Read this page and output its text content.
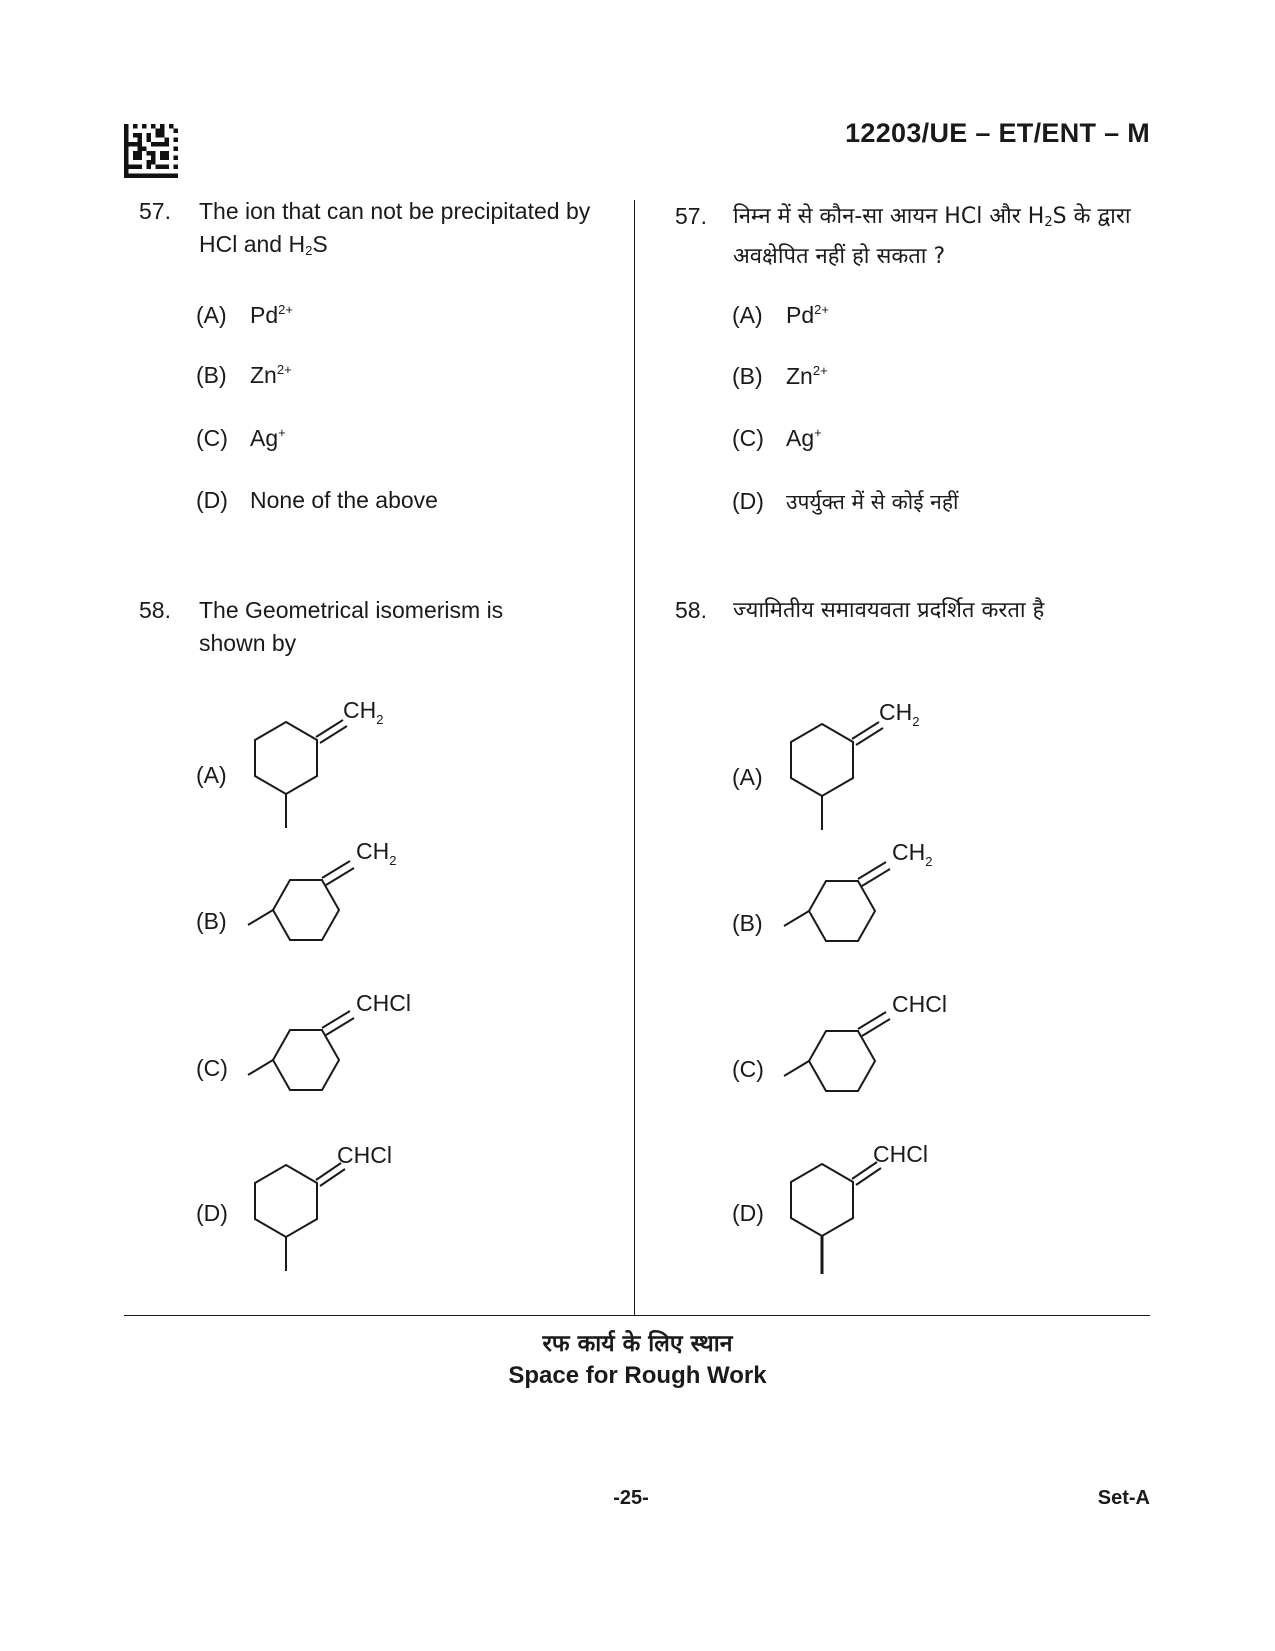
12203/UE – ET/ENT – M
57. The ion that can not be precipitated by HCl and $H_2S$
(A) $Pd^{2+}$
(B) $Zn^{2+}$
(C) Ag+
(D) None of the above
58. The Geometrical isomerism is shown by
(A)
$CH_2$
(B)
$CH_2$
(C)
CHCl
(D)
CHCl
57. निम्न में से कौन-सा आयन HCl और $H_2S$ के द्वारा अवक्षेपित नहीं हो सकता ?
(A) $Pd^{2+}$
(B) $Zn^{2+}$
(C) Ag+
(D) उपर्युक्त में से कोई नहीं
58. ज्यामितीय समावयवता प्रदर्शित करता है
(A)
$CH_2$
(B)
$CH_2$
(C)
CHCl
(D)
CHCl
रफ कार्य के लिए स्थान
Space for Rough Work
-25-	Set-A
